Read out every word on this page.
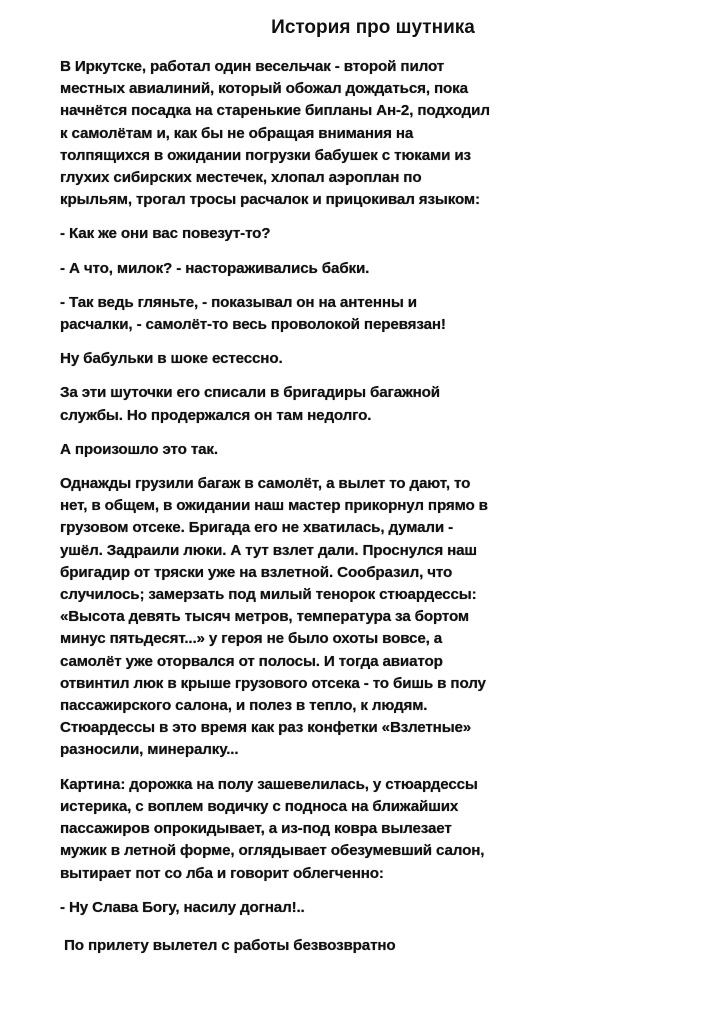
История про шутника
В Иркутске, работал один весельчак - второй пилот
местных авиалиний, который обожал дождаться, пока
начнётся посадка на старенькие бипланы Ан-2, подходил
к самолётам и, как бы не обращая внимания на
толпящихся в ожидании погрузки бабушек с тюками из
глухих сибирских местечек, хлопал аэроплан по
крыльям, трогал тросы расчалок и прицокивал языком:
- Как же они вас повезут-то?
- А что, милок? - настораживались бабки.
- Так ведь гляньте, - показывал он на антенны и
расчалки, - самолёт-то весь проволокой перевязан!
Ну бабульки в шоке естессно.
За эти шуточки его списали в бригадиры багажной
службы. Но продержался он там недолго.
А произошло это так.
Однажды грузили багаж в самолёт, а вылет то дают, то
нет, в общем, в ожидании наш мастер прикорнул прямо в
грузовом отсеке. Бригада его не хватилась, думали -
ушёл. Задраили люки. А тут взлет дали. Проснулся наш
бригадир от тряски уже на взлетной. Сообразил, что
случилось; замерзать под милый тенорок стюардессы:
«Высота девять тысяч метров, температура за бортом
минус пятьдесят...» у героя не было охоты вовсе, а
самолёт уже оторвался от полосы. И тогда авиатор
отвинтил люк в крыше грузового отсека - то бишь в полу
пассажирского салона, и полез в тепло, к людям.
Стюардессы в это время как раз конфетки «Взлетные»
разносили, минералку...
Картина: дорожка на полу зашевелилась, у стюардессы
истерика, с воплем водичку с подноса на ближайших
пассажиров опрокидывает, а из-под ковра вылезает
мужик в летной форме, оглядывает обезумевший салон,
вытирает пот со лба и говорит облегченно:
- Ну Слава Богу, насилу догнал!..
По прилету вылетел с работы безвозвратно
